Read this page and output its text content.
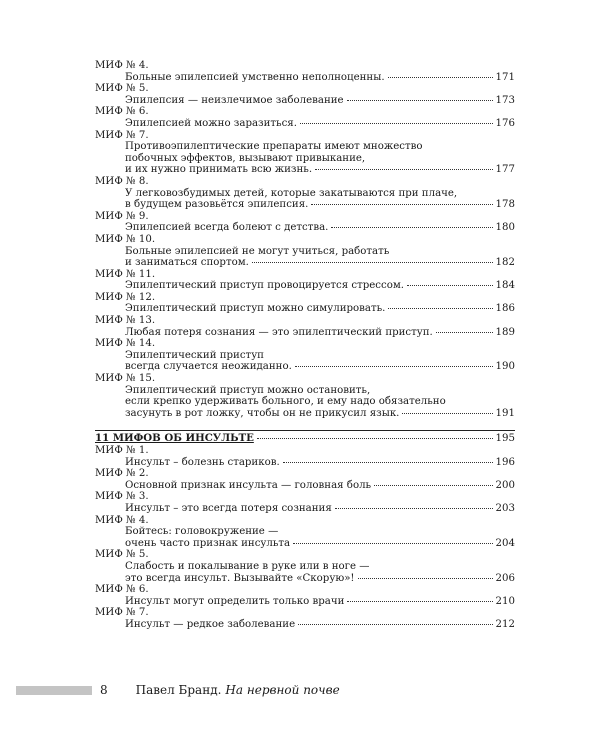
МИФ № 4.
Больные эпилепсией умственно неполноценны.	171
МИФ № 5.
Эпилепсия — неизлечимое заболевание	173
МИФ № 6.
Эпилепсией можно заразиться.	176
МИФ № 7.
Противоэпилептические препараты имеют множество
побочных эффектов, вызывают привыкание,
и их нужно принимать всю жизнь.	177
МИФ № 8.
У легковозбудимых детей, которые закатываются при плаче,
в будущем разовьётся эпилепсия.	178
МИФ № 9.
Эпилепсией всегда болеют с детства.	180
МИФ № 10.
Больные эпилепсией не могут учиться, работать
и заниматься спортом.	182
МИФ № 11.
Эпилептический приступ провоцируется стрессом.	184
МИФ № 12.
Эпилептический приступ можно симулировать.	186
МИФ № 13.
Любая потеря сознания — это эпилептический приступ.	189
МИФ № 14.
Эпилептический приступ
всегда случается неожиданно.	190
МИФ № 15.
Эпилептический приступ можно остановить,
если крепко удерживать больного, и ему надо обязательно
засунуть в рот ложку, чтобы он не прикусил язык.	191
11 МИФОВ ОБ ИНСУЛЬТЕ	195
МИФ № 1.
Инсульт – болезнь стариков.	196
МИФ № 2.
Основной признак инсульта — головная боль	200
МИФ № 3.
Инсульт – это всегда потеря сознания	203
МИФ № 4.
Бойтесь: головокружение —
очень часто признак инсульта	204
МИФ № 5.
Слабость и покалывание в руке или в ноге —
это всегда инсульт. Вызывайте «Скорую»!	206
МИФ № 6.
Инсульт могут определить только врачи	210
МИФ № 7.
Инсульт — редкое заболевание	212
8 Павел Бранд. На нервной почве
